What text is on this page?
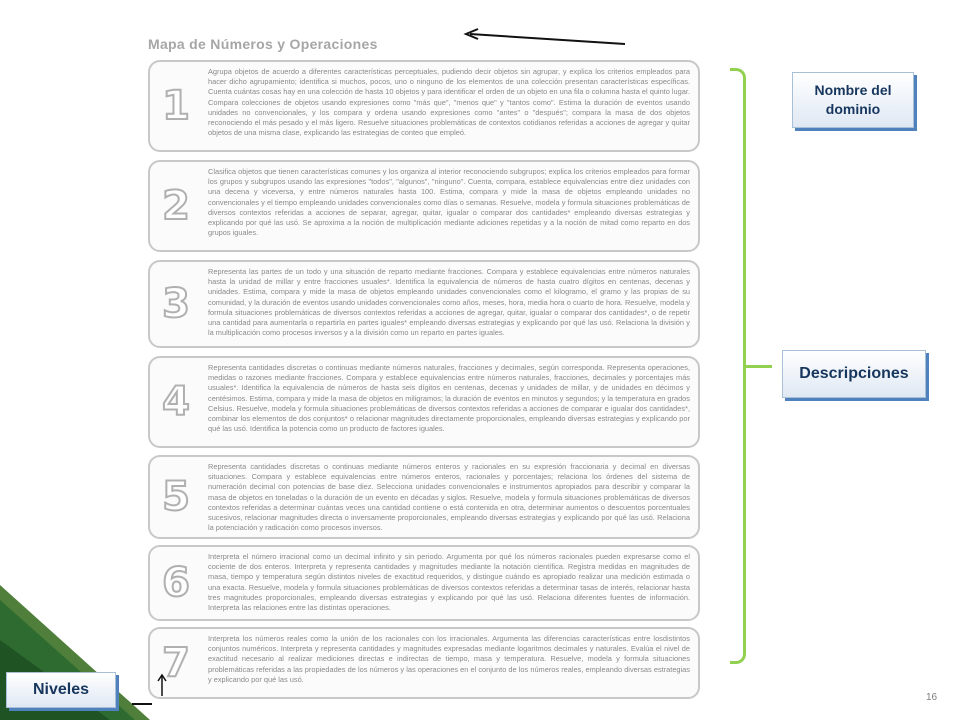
Mapa de Números y Operaciones
1
Agrupa objetos de acuerdo a diferentes características perceptuales, pudiendo decir objetos sin agrupar, y explica los criterios empleados para hacer dicho agrupamiento; identifica si muchos, pocos, uno o ninguno de los elementos de una colección presentan características específicas. Cuenta cuántas cosas hay en una colección de hasta 10 objetos y para identificar el orden de un objeto en una fila o columna hasta el quinto lugar. Compara colecciones de objetos usando expresiones como "más que", "menos que" y "tantos como". Estima la duración de eventos usando unidades no convencionales, y los compara y ordena usando expresiones como "antes" o "después"; compara la masa de dos objetos reconociendo el más pesado y el más ligero. Resuelve situaciones problemáticas de contextos cotidianos referidas a acciones de agregar y quitar objetos de una misma clase, explicando las estrategias de conteo que empleó.
2
Clasifica objetos que tienen características comunes y los organiza al interior reconociendo subgrupos; explica los criterios empleados para formar los grupos y subgrupos usando las expresiones "todos", "algunos", "ninguno". Cuenta, compara, establece equivalencias entre diez unidades con una decena y viceversa, y entre números naturales hasta 100. Estima, compara y mide la masa de objetos empleando unidades no convencionales y el tiempo empleando unidades convencionales como días o semanas. Resuelve, modela y formula situaciones problemáticas de diversos contextos referidas a acciones de separar, agregar, quitar, igualar o comparar dos cantidades* empleando diversas estrategias y explicando por qué las usó. Se aproxima a la noción de multiplicación mediante adiciones repetidas y a la noción de mitad como reparto en dos grupos iguales.
3
Representa las partes de un todo y una situación de reparto mediante fracciones. Compara y establece equivalencias entre números naturales hasta la unidad de millar y entre fracciones usuales*. Identifica la equivalencia de números de hasta cuatro dígitos en centenas, decenas y unidades. Estima, compara y mide la masa de objetos empleando unidades convencionales como el kilogramo, el gramo y las propias de su comunidad, y la duración de eventos usando unidades convencionales como años, meses, hora, media hora o cuarto de hora. Resuelve, modela y formula situaciones problemáticas de diversos contextos referidas a acciones de agregar, quitar, igualar o comparar dos cantidades*, o de repetir una cantidad para aumentarla o repartirla en partes iguales* empleando diversas estrategias y explicando por qué las usó. Relaciona la división y la multiplicación como procesos inversos y a la división como un reparto en partes iguales.
4
Representa cantidades discretas o continuas mediante números naturales, fracciones y decimales, según corresponda. Representa operaciones, medidas o razones mediante fracciones. Compara y establece equivalencias entre números naturales, fracciones, decimales y porcentajes más usuales*. Identifica la equivalencia de números de hasta seis dígitos en centenas, decenas y unidades de millar, y de unidades en décimos y centésimos. Estima, compara y mide la masa de objetos en miligramos; la duración de eventos en minutos y segundos; y la temperatura en grados Celsius. Resuelve, modela y formula situaciones problemáticas de diversos contextos referidas a acciones de comparar e igualar dos cantidades*, combinar los elementos de dos conjuntos* o relacionar magnitudes directamente proporcionales, empleando diversas estrategias y explicando por qué las usó. Identifica la potencia como un producto de factores iguales.
5
Representa cantidades discretas o continuas mediante números enteros y racionales en su expresión fraccionaria y decimal en diversas situaciones. Compara y establece equivalencias entre números enteros, racionales y porcentajes; relaciona los órdenes del sistema de numeración decimal con potencias de base diez. Selecciona unidades convencionales e instrumentos apropiados para describir y comparar la masa de objetos en toneladas o la duración de un evento en décadas y siglos. Resuelve, modela y formula situaciones problemáticas de diversos contextos referidas a determinar cuántas veces una cantidad contiene o está contenida en otra, determinar aumentos o descuentos porcentuales sucesivos, relacionar magnitudes directa o inversamente proporcionales, empleando diversas estrategias y explicando por qué las usó. Relaciona la potenciación y radicación como procesos inversos.
6
Interpreta el número irracional como un decimal infinito y sin periodo. Argumenta por qué los números racionales pueden expresarse como el cociente de dos enteros. Interpreta y representa cantidades y magnitudes mediante la notación científica. Registra medidas en magnitudes de masa, tiempo y temperatura según distintos niveles de exactitud requeridos, y distingue cuándo es apropiado realizar una medición estimada o una exacta. Resuelve, modela y formula situaciones problemáticas de diversos contextos referidas a determinar tasas de interés, relacionar hasta tres magnitudes proporcionales, empleando diversas estrategias y explicando por qué las usó. Relaciona diferentes fuentes de información. Interpreta las relaciones entre las distintas operaciones.
7
Interpreta los números reales como la unión de los racionales con los irracionales. Argumenta las diferencias características entre losdistintos conjuntos numéricos. Interpreta y representa cantidades y magnitudes expresadas mediante logaritmos decimales y naturales. Evalúa el nivel de exactitud necesario al realizar mediciones directas e indirectas de tiempo, masa y temperatura. Resuelve, modela y formula situaciones problemáticas referidas a las propiedades de los números y las operaciones en el conjunto de los números reales, empleando diversas estrategias y explicando por qué las usó.
Nombre del
dominio
Descripciones
Niveles	16
